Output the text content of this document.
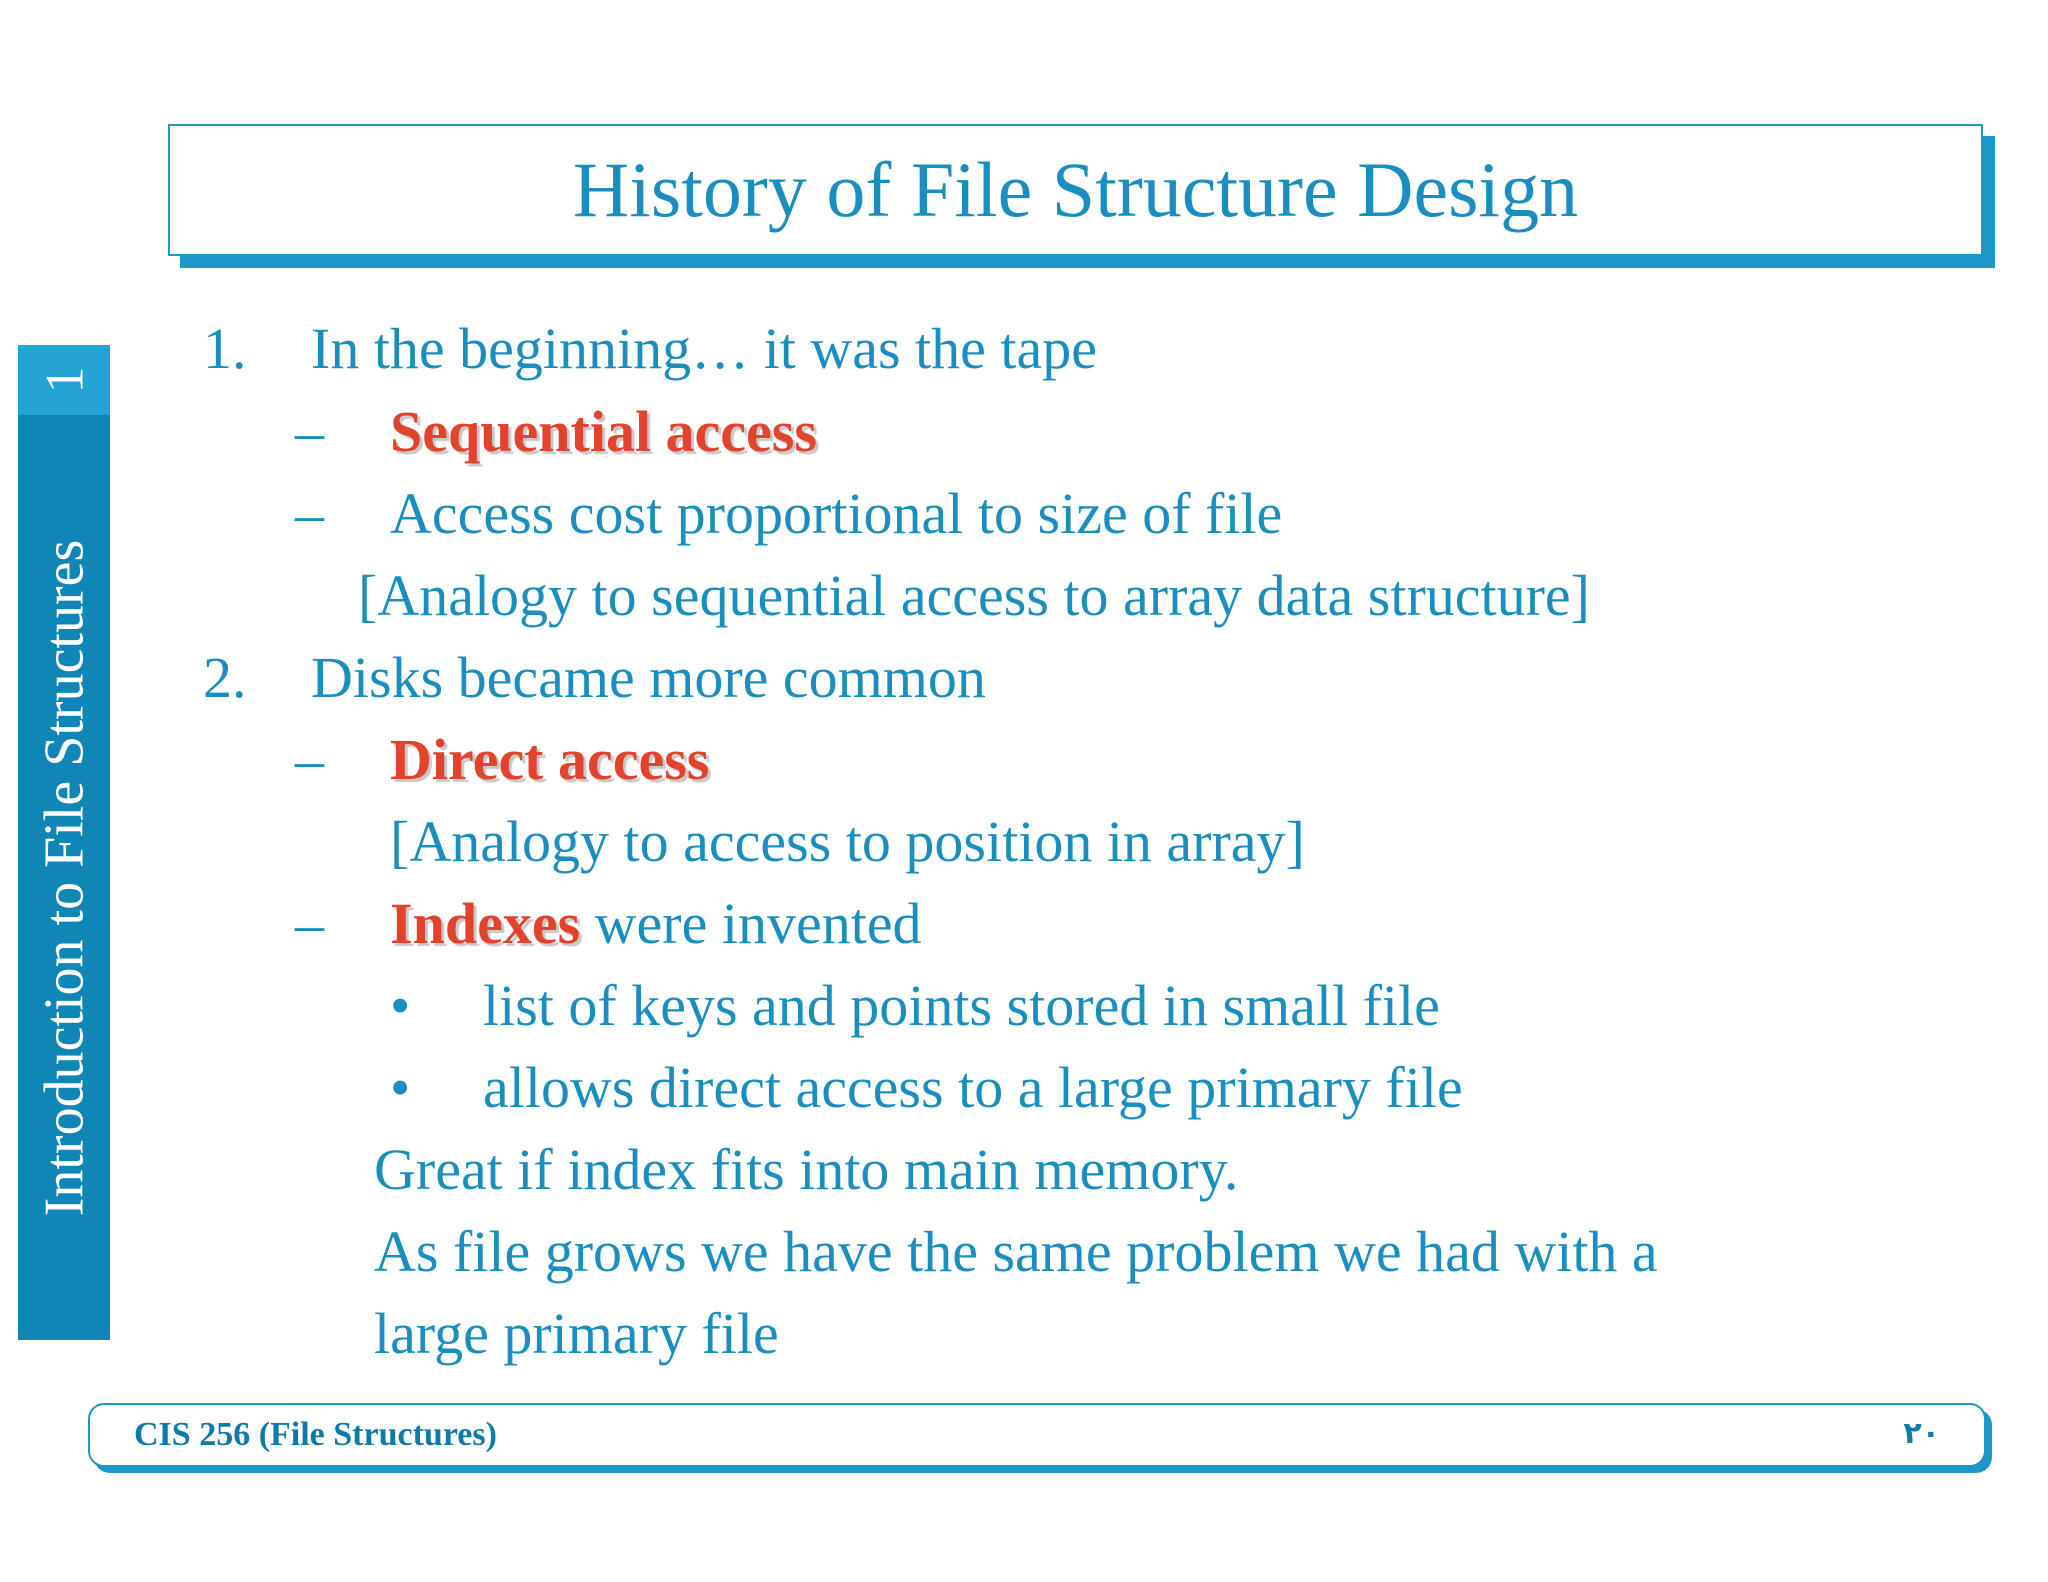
History of File Structure Design
1
Introduction to File Structures
1. In the beginning… it was the tape
– Sequential access
– Access cost proportional to size of file
[Analogy to sequential access to array data structure]
2. Disks became more common
– Direct access
[Analogy to access to position in array]
– Indexes were invented
• list of keys and points stored in small file
• allows direct access to a large primary file
Great if index fits into main memory.
As file grows we have the same problem we had with a
large primary file
CIS 256 (File Structures)	٢٠
